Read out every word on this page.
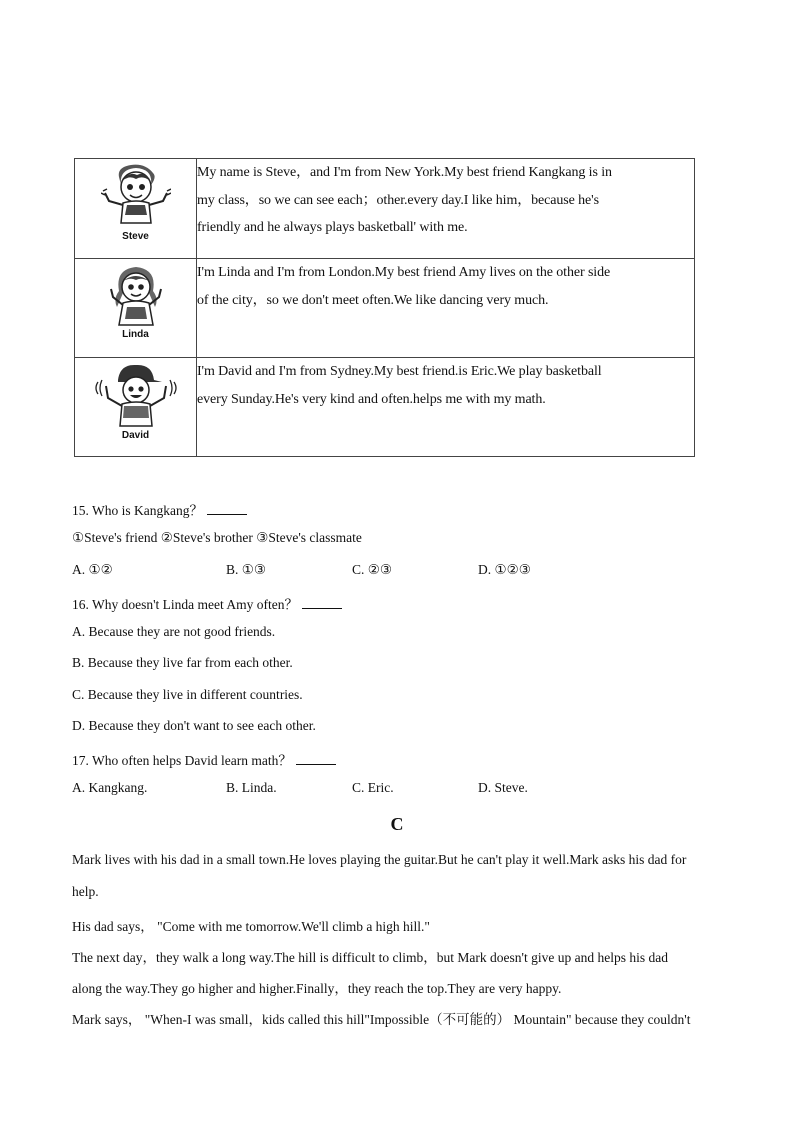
Steve	My name is Steve，and I'm from New York.My best friend Kangkang is in
my class，so we can see each；other.every day.I like him，because he's
friendly and he always plays basketball' with me.

Linda	I'm Linda and I'm from London.My best friend Amy lives on the other side
of the city，so we don't meet often.We like dancing very much.

David	I'm David and I'm from Sydney.My best friend.is Eric.We play basketball
every Sunday.He's very kind and often.helps me with my math.
15. Who is Kangkang？
①Steve's friend ②Steve's brother ③Steve's classmate
A. ①②	B. ①③	C. ②③	D. ①②③
16. Why doesn't Linda meet Amy often？
A. Because they are not good friends.
B. Because they live far from each other.
C. Because they live in different countries.
D. Because they don't want to see each other.
17. Who often helps David learn math？
A. Kangkang.	B. Linda.	C. Eric.	D. Steve.
C
Mark lives with his dad in a small town.He loves playing the guitar.But he can't play it well.Mark asks his dad for
help.
His dad says， "Come with me tomorrow.We'll climb a high hill."
The next day，they walk a long way.The hill is difficult to climb，but Mark doesn't give up and helps his dad
along the way.They go higher and higher.Finally，they reach the top.They are very happy.
Mark says， "When-I was small，kids called this hill"Impossible（不可能的） Mountain" because they couldn't
